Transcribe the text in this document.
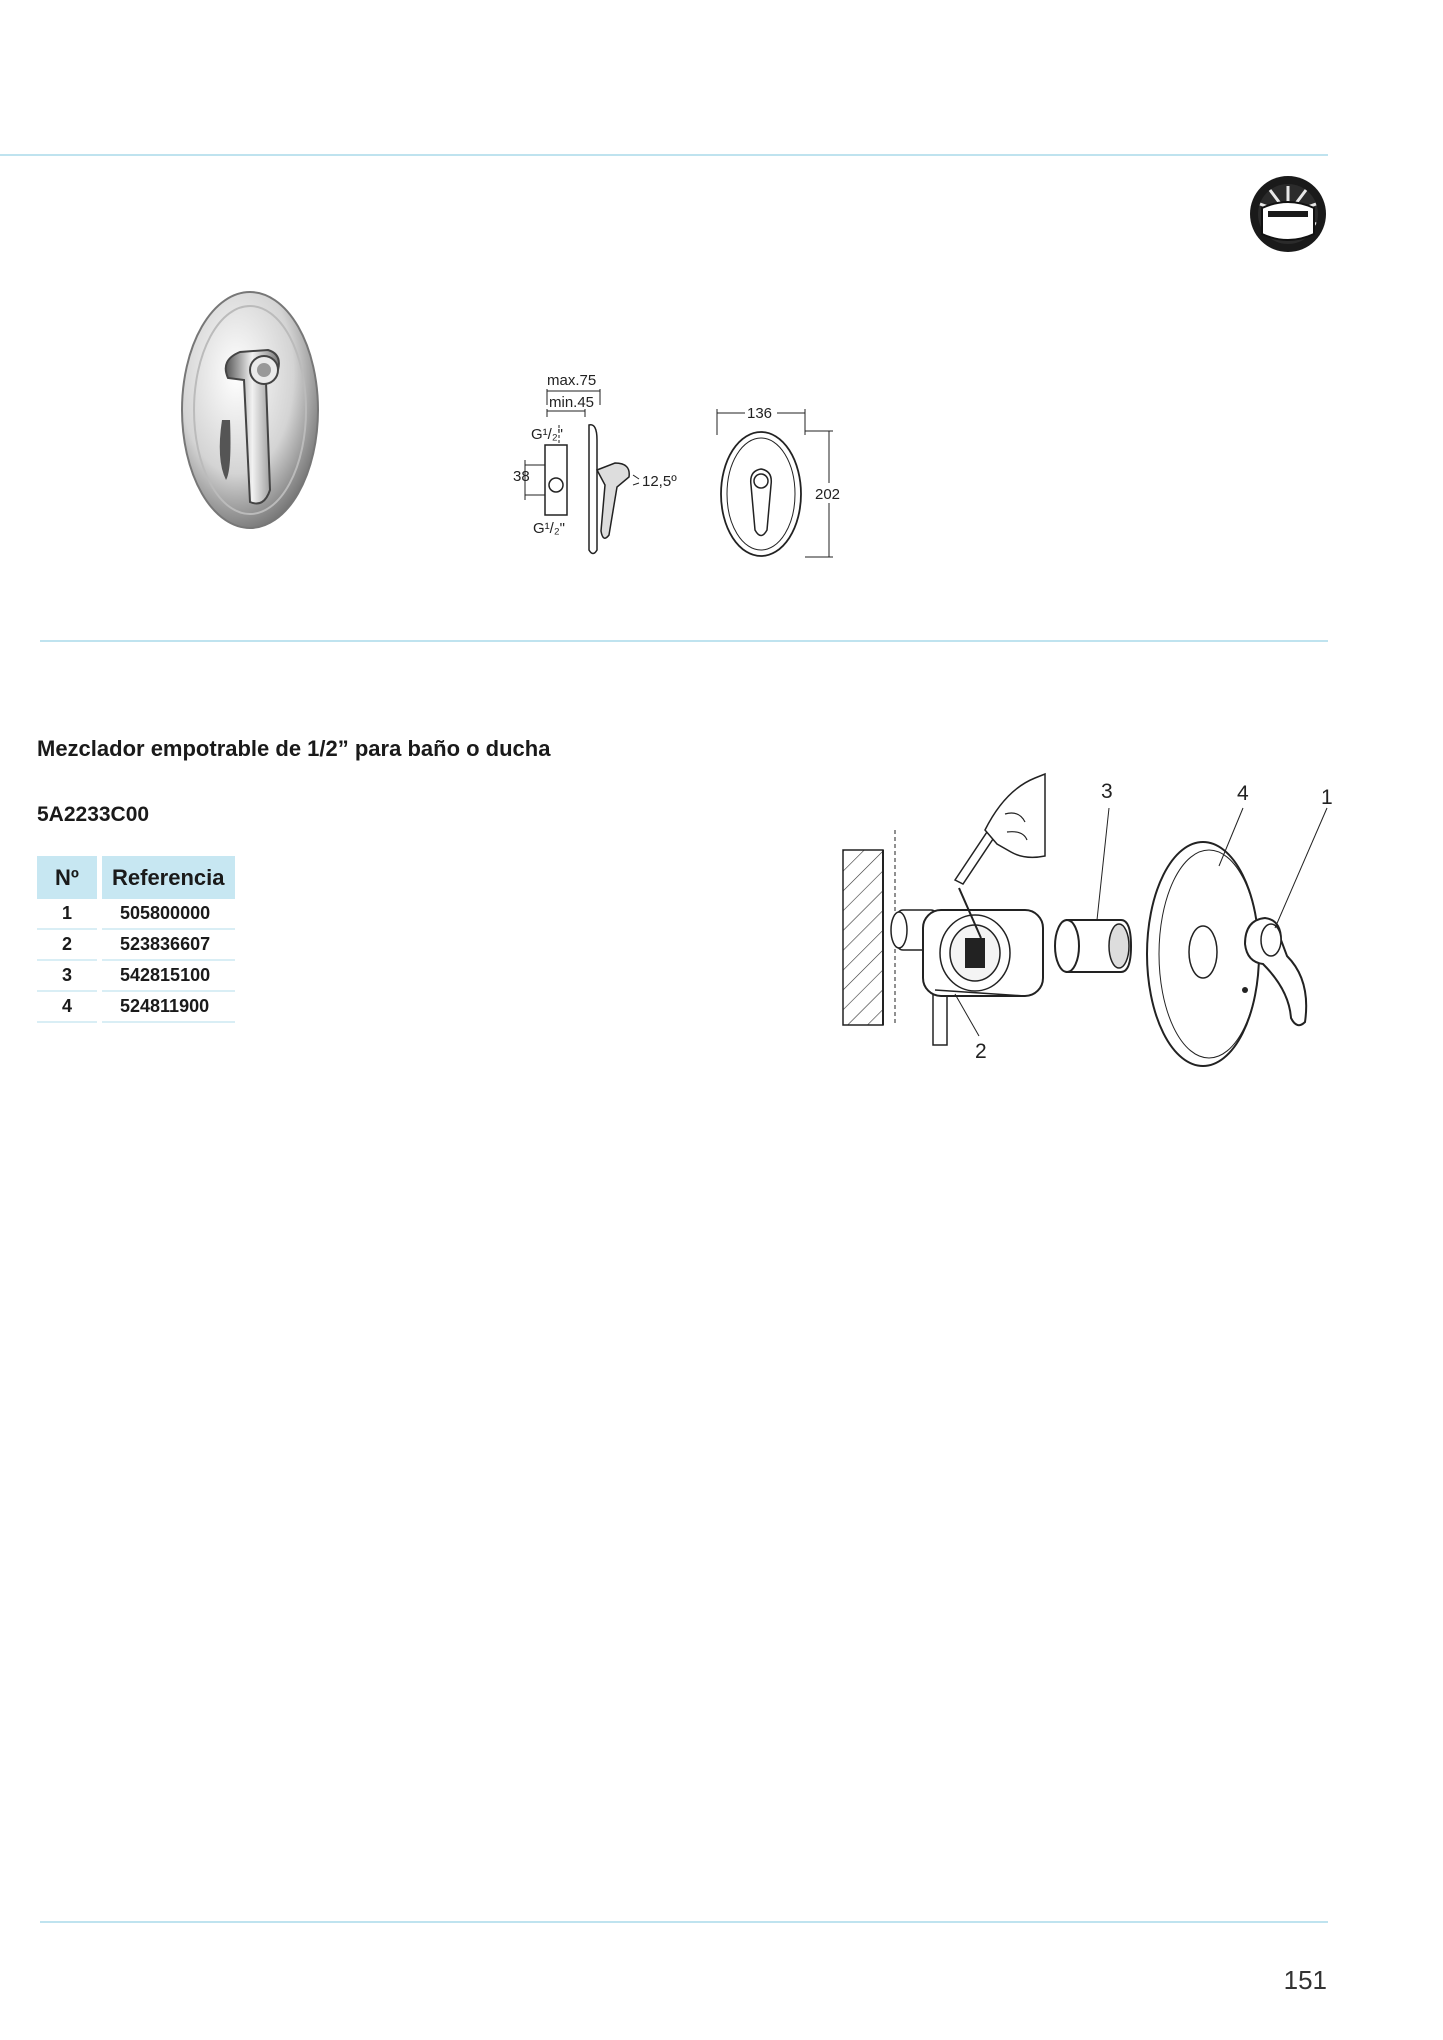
max.75
min.45
G¹/₂"
G¹/₂"
38	12,5º
136
202
Mezclador empotrable de 1/2” para baño o ducha
5A2233C00
Nº	Referencia
1	505800000
2	523836607
3	542815100
4	524811900
3	4	1
2
151
